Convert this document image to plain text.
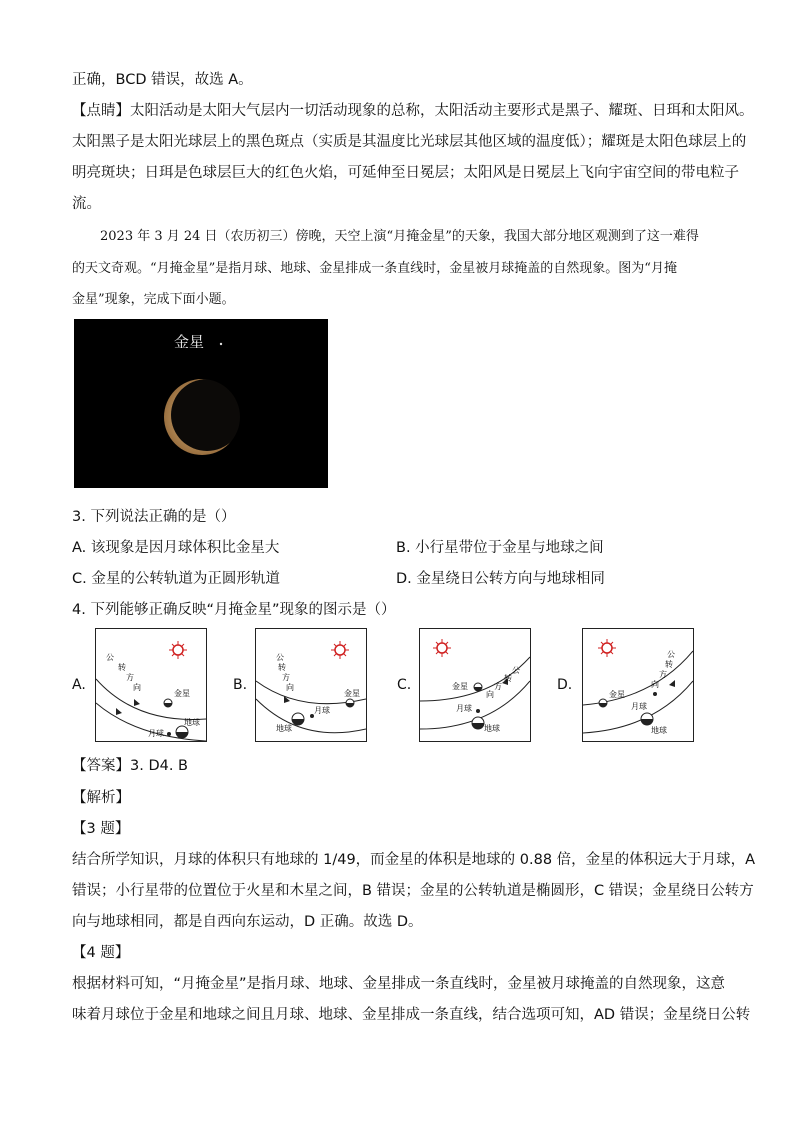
正确，BCD 错误，故选 A。
【点睛】太阳活动是太阳大气层内一切活动现象的总称，太阳活动主要形式是黑子、耀斑、日珥和太阳风。
太阳黑子是太阳光球层上的黑色斑点（实质是其温度比光球层其他区域的温度低）；耀斑是太阳色球层上的
明亮斑块；日珥是色球层巨大的红色火焰，可延伸至日冕层；太阳风是日冕层上飞向宇宙空间的带电粒子
流。
2023 年 3 月 24 日（农历初三）傍晚，天空上演“月掩金星”的天象，我国大部分地区观测到了这一难得
的天文奇观。“月掩金星”是指月球、地球、金星排成一条直线时，金星被月球掩盖的自然现象。图为“月掩
金星”现象，完成下面小题。
金星
3. 下列说法正确的是（）
A. 该现象是因月球体积比金星大	B. 小行星带位于金星与地球之间
C. 金星的公转轨道为正圆形轨道	D. 金星绕日公转方向与地球相同
4. 下列能够正确反映“月掩金星”现象的图示是（）
A.	B.	C.	D.
公
转
方
向
金星
月球
地球
公
转
方
向
金星
月球
地球
公
转
方
向
金星
月球
地球
公
转
方
向
金星
月球
地球
【答案】3. D4. B
【解析】
【3 题】
结合所学知识，月球的体积只有地球的 1/49，而金星的体积是地球的 0.88 倍，金星的体积远大于月球，A
错误；小行星带的位置位于火星和木星之间，B 错误；金星的公转轨道是椭圆形，C 错误；金星绕日公转方
向与地球相同，都是自西向东运动，D 正确。故选 D。
【4 题】
根据材料可知，“月掩金星”是指月球、地球、金星排成一条直线时，金星被月球掩盖的自然现象，这意
味着月球位于金星和地球之间且月球、地球、金星排成一条直线，结合选项可知，AD 错误；金星绕日公转
